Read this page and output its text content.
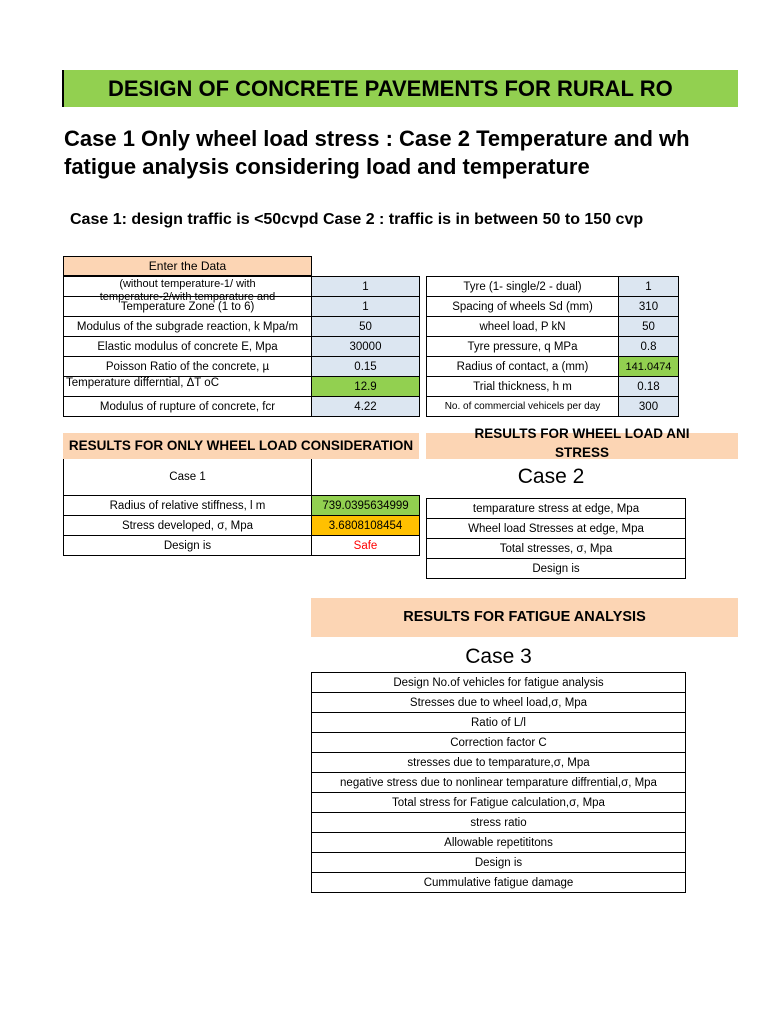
DESIGN OF CONCRETE PAVEMENTS FOR RURAL RO
Case 1 Only wheel load stress : Case 2 Temperature and wh
fatigue analysis considering load and temperature
Case 1: design traffic is <50cvpd Case 2 : traffic is in between 50 to 150 cvp
Enter the Data
(without temperature-1/ with
temperature-2/with temparature and	1
Temperature Zone (1 to 6)	1
Modulus of the subgrade reaction, k Mpa/m	50
Elastic modulus of concrete E, Mpa	30000
Poisson Ratio of the concrete, µ	0.15
Temperature differntial, ΔT oC	12.9
Modulus of rupture of concrete, fcr	4.22
Tyre (1- single/2 - dual)	1
Spacing of wheels Sd (mm)	310
wheel load, P kN	50
Tyre pressure, q MPa	0.8
Radius of contact, a (mm)	141.0474
Trial thickness, h m	0.18
No. of commercial vehicels per day	300
RESULTS FOR ONLY WHEEL LOAD CONSIDERATION
Case 1	
Radius of relative stiffness, l m	739.0395634999
Stress developed, σ, Mpa	3.6808108454
Design is	Safe
RESULTS FOR WHEEL LOAD ANI
STRESS
Case 2
temparature stress at edge, Mpa
Wheel load Stresses at edge, Mpa
Total stresses, σ, Mpa
Design is
RESULTS FOR FATIGUE ANALYSIS
Case 3
Design No.of vehicles for fatigue analysis
Stresses due to wheel load,σ, Mpa
Ratio of L/l
Correction factor C
stresses due to temparature,σ, Mpa
negative stress due to nonlinear temparature diffrential,σ, Mpa
Total stress for Fatigue calculation,σ, Mpa
stress ratio
Allowable repetititons
Design is
Cummulative fatigue damage
